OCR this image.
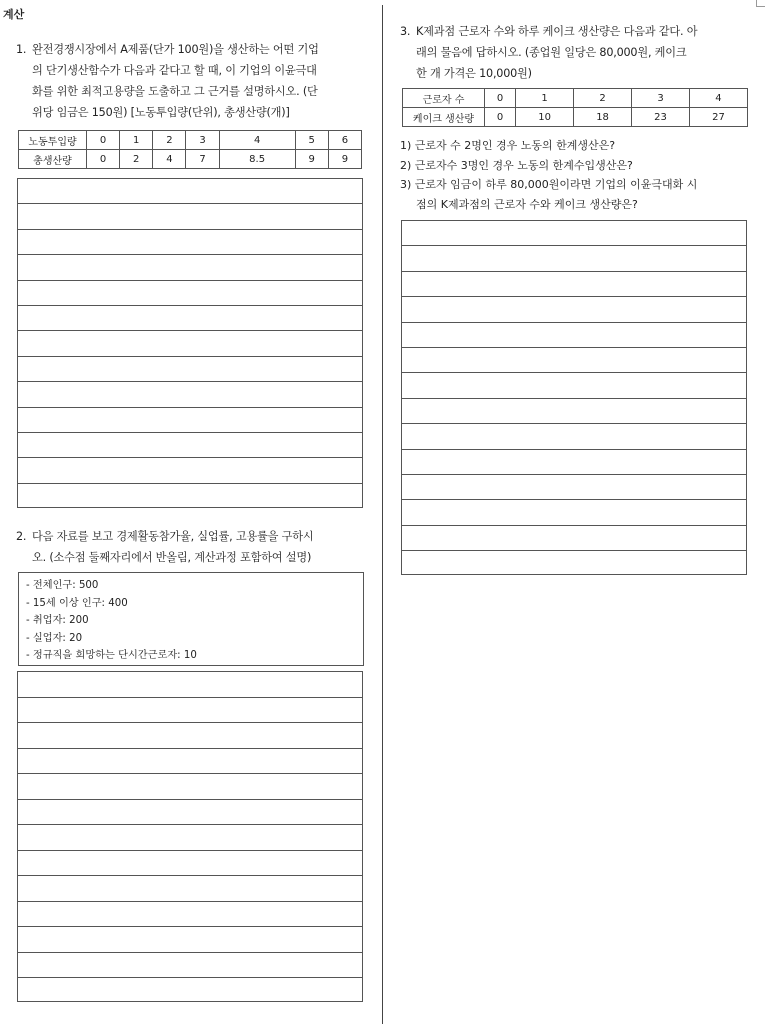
계산
1. 완전경쟁시장에서 A제품(단가 100원)을 생산하는 어떤 기업
의 단기생산함수가 다음과 같다고 할 때, 이 기업의 이윤극대
화를 위한 최적고용량을 도출하고 그 근거를 설명하시오. (단
위당 임금은 150원) [노동투입량(단위), 총생산량(개)]
노동투입량	0	1	2	3	4	5	6
총생산량	0	2	4	7	8.5	9	9
2. 다음 자료를 보고 경제활동참가율, 실업률, 고용률을 구하시
오. (소수점 둘째자리에서 반올림, 계산과정 포함하여 설명)
- 전체인구: 500
- 15세 이상 인구: 400
- 취업자: 200
- 실업자: 20
- 정규직을 희망하는 단시간근로자: 10
3. K제과점 근로자 수와 하루 케이크 생산량은 다음과 같다. 아
래의 물음에 답하시오. (종업원 일당은 80,000원, 케이크
한 개 가격은 10,000원)
근로자 수	0	1	2	3	4
케이크 생산량	0	10	18	23	27
1) 근로자 수 2명인 경우 노동의 한계생산은?
2) 근로자수 3명인 경우 노동의 한계수입생산은?
3) 근로자 임금이 하루 80,000원이라면 기업의 이윤극대화 시
점의 K제과점의 근로자 수와 케이크 생산량은?
